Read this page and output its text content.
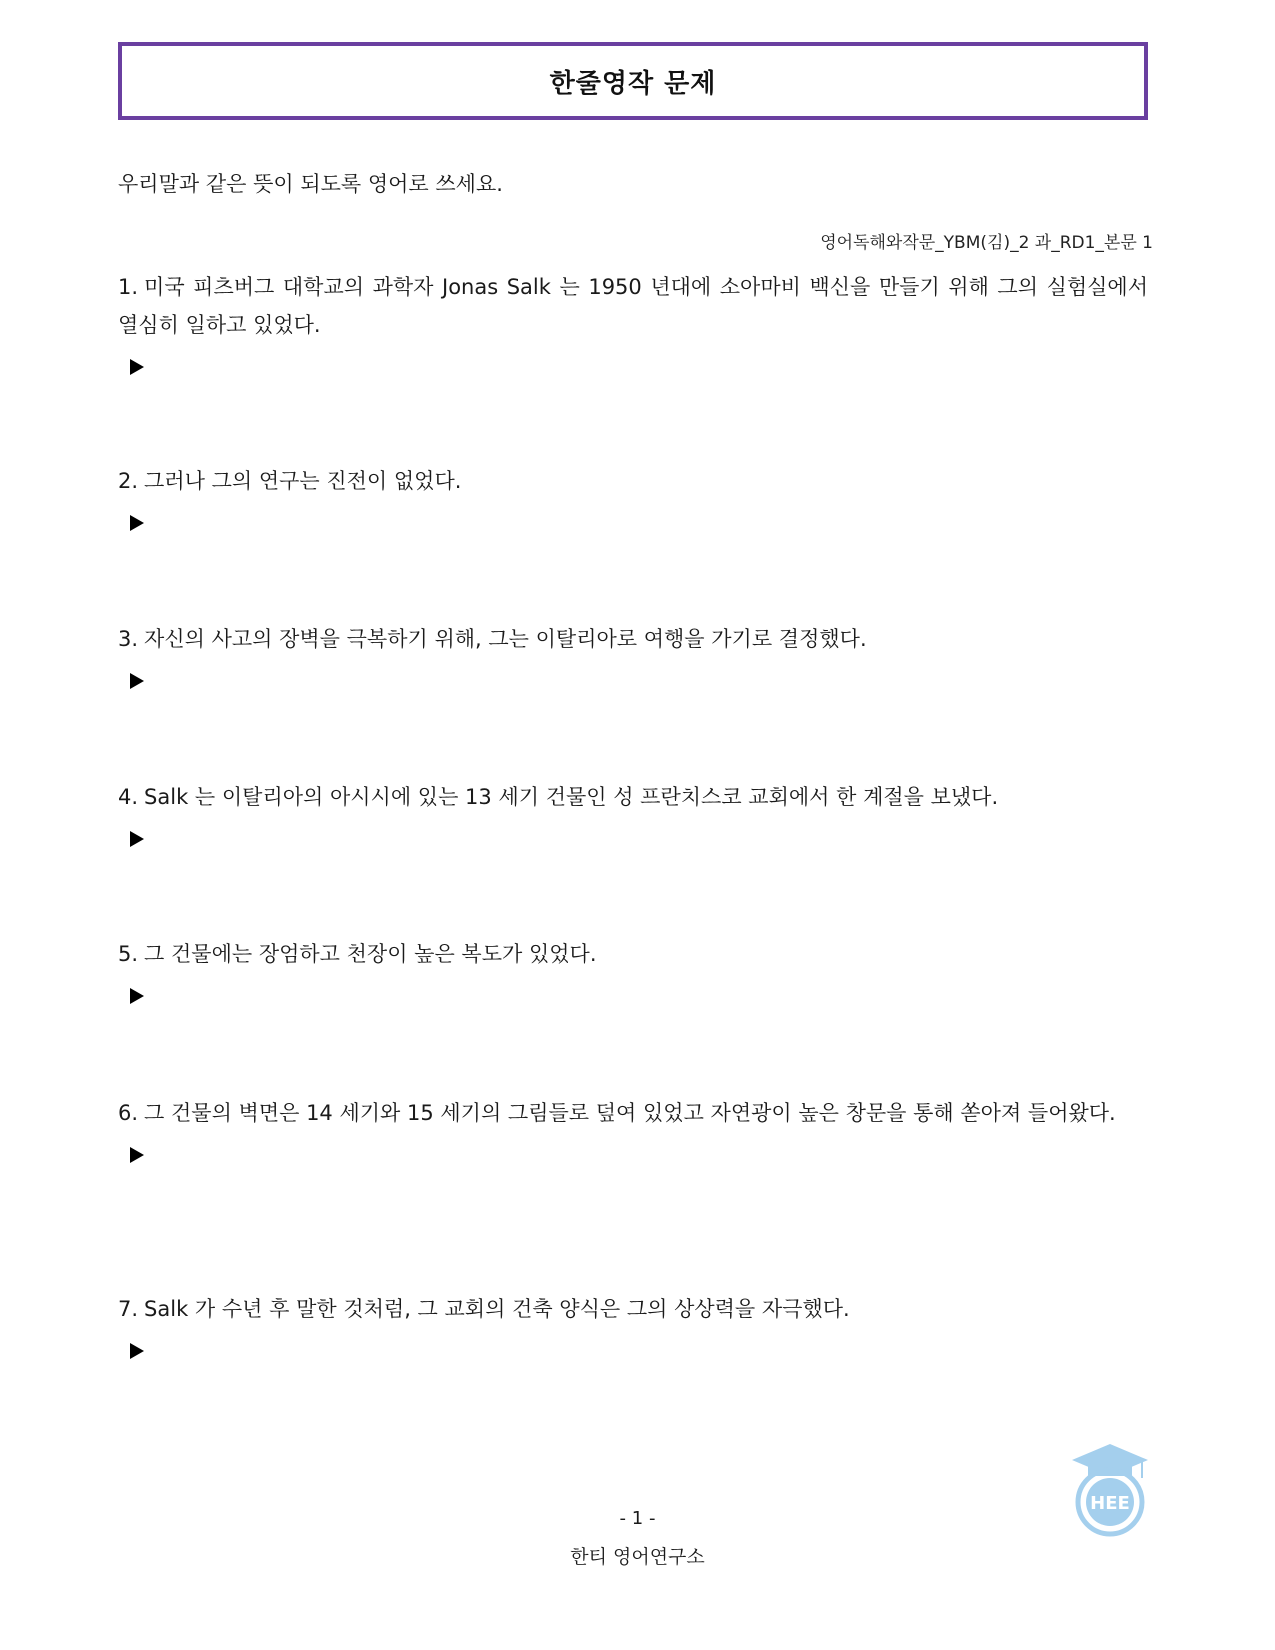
한줄영작 문제
우리말과 같은 뜻이 되도록 영어로 쓰세요.
영어독해와작문_YBM(김)_2 과_RD1_본문 1

1. 미국 피츠버그 대학교의 과학자 Jonas Salk 는 1950 년대에 소아마비 백신을 만들기 위해 그의 실험실에서 열심히 일하고 있었다.

2. 그러나 그의 연구는 진전이 없었다.

3. 자신의 사고의 장벽을 극복하기 위해, 그는 이탈리아로 여행을 가기로 결정했다.

4. Salk 는 이탈리아의 아시시에 있는 13 세기 건물인 성 프란치스코 교회에서 한 계절을 보냈다.

5. 그 건물에는 장엄하고 천장이 높은 복도가 있었다.

6. 그 건물의 벽면은 14 세기와 15 세기의 그림들로 덮여 있었고 자연광이 높은 창문을 통해 쏟아져 들어왔다.

7. Salk 가 수년 후 말한 것처럼, 그 교회의 건축 양식은 그의 상상력을 자극했다.

HEE
- 1 -
한티 영어연구소
